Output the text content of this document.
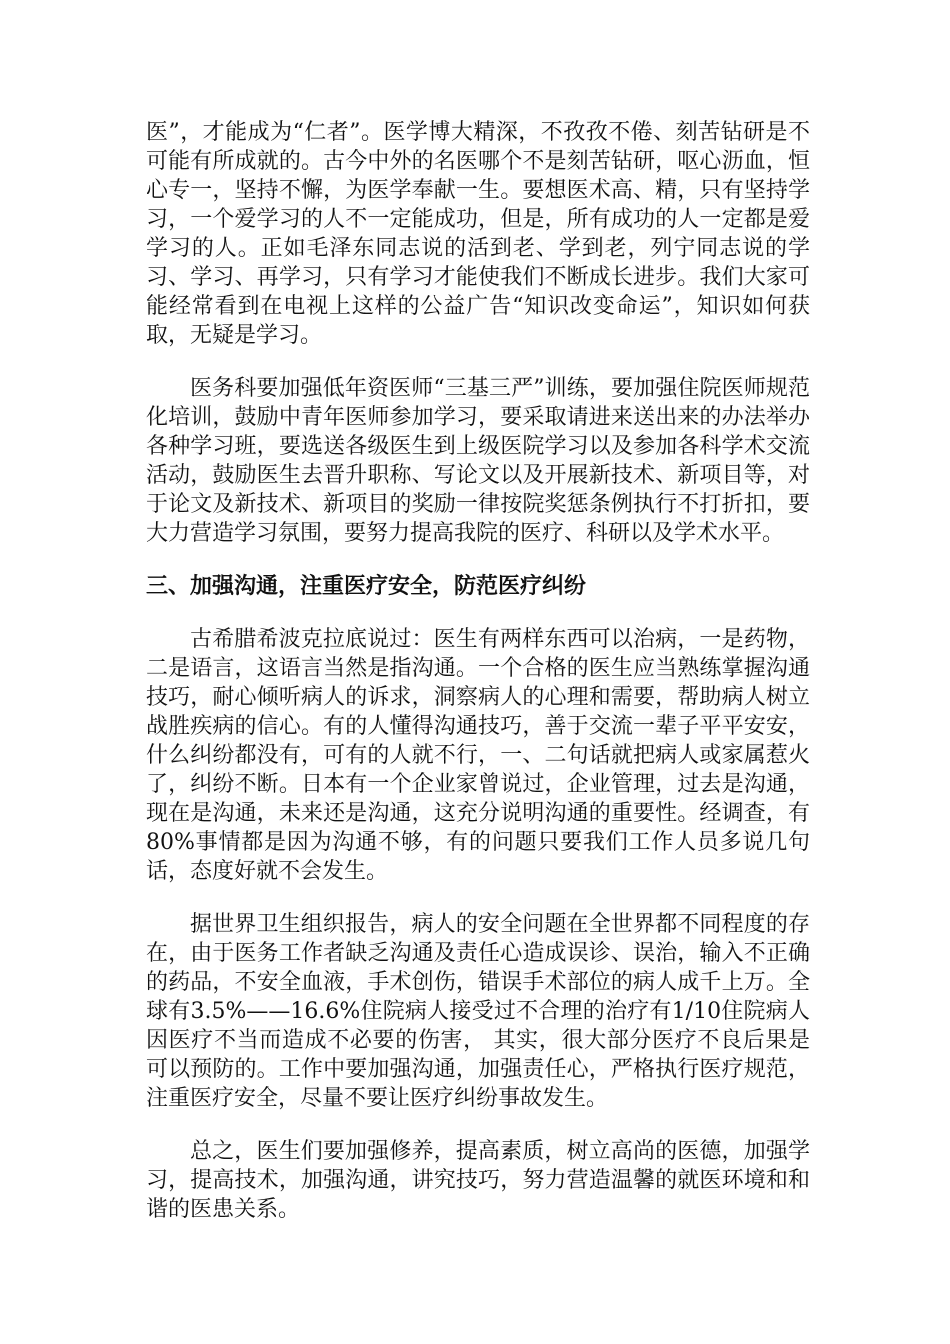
医”，才能成为“仁者”。医学博大精深，不孜孜不倦、刻苦钻研是不可能有所成就的。古今中外的名医哪个不是刻苦钻研，呕心沥血，恒心专一，坚持不懈，为医学奉献一生。要想医术高、精，只有坚持学习，一个爱学习的人不一定能成功，但是，所有成功的人一定都是爱学习的人。正如毛泽东同志说的活到老、学到老，列宁同志说的学习、学习、再学习，只有学习才能使我们不断成长进步。我们大家可能经常看到在电视上这样的公益广告“知识改变命运”，知识如何获取，无疑是学习。

医务科要加强低年资医师“三基三严”训练，要加强住院医师规范化培训，鼓励中青年医师参加学习，要采取请进来送出来的办法举办各种学习班，要选送各级医生到上级医院学习以及参加各科学术交流活动，鼓励医生去晋升职称、写论文以及开展新技术、新项目等，对于论文及新技术、新项目的奖励一律按院奖惩条例执行不打折扣，要大力营造学习氛围，要努力提高我院的医疗、科研以及学术水平。

三、加强沟通，注重医疗安全，防范医疗纠纷

古希腊希波克拉底说过：医生有两样东西可以治病，一是药物，二是语言，这语言当然是指沟通。一个合格的医生应当熟练掌握沟通技巧，耐心倾听病人的诉求，洞察病人的心理和需要，帮助病人树立战胜疾病的信心。有的人懂得沟通技巧，善于交流一辈子平平安安，什么纠纷都没有，可有的人就不行，一、二句话就把病人或家属惹火了，纠纷不断。日本有一个企业家曾说过，企业管理，过去是沟通，现在是沟通，未来还是沟通，这充分说明沟通的重要性。经调查，有80%事情都是因为沟通不够，有的问题只要我们工作人员多说几句话，态度好就不会发生。

据世界卫生组织报告，病人的安全问题在全世界都不同程度的存在，由于医务工作者缺乏沟通及责任心造成误诊、误治，输入不正确的药品，不安全血液，手术创伤，错误手术部位的病人成千上万。全球有3.5%——16.6%住院病人接受过不合理的治疗有1/10住院病人因医疗不当而造成不必要的伤害， 其实，很大部分医疗不良后果是可以预防的。工作中要加强沟通，加强责任心，严格执行医疗规范，注重医疗安全，尽量不要让医疗纠纷事故发生。

总之，医生们要加强修养，提高素质，树立高尚的医德，加强学习，提高技术，加强沟通，讲究技巧，努力营造温馨的就医环境和和谐的医患关系。
